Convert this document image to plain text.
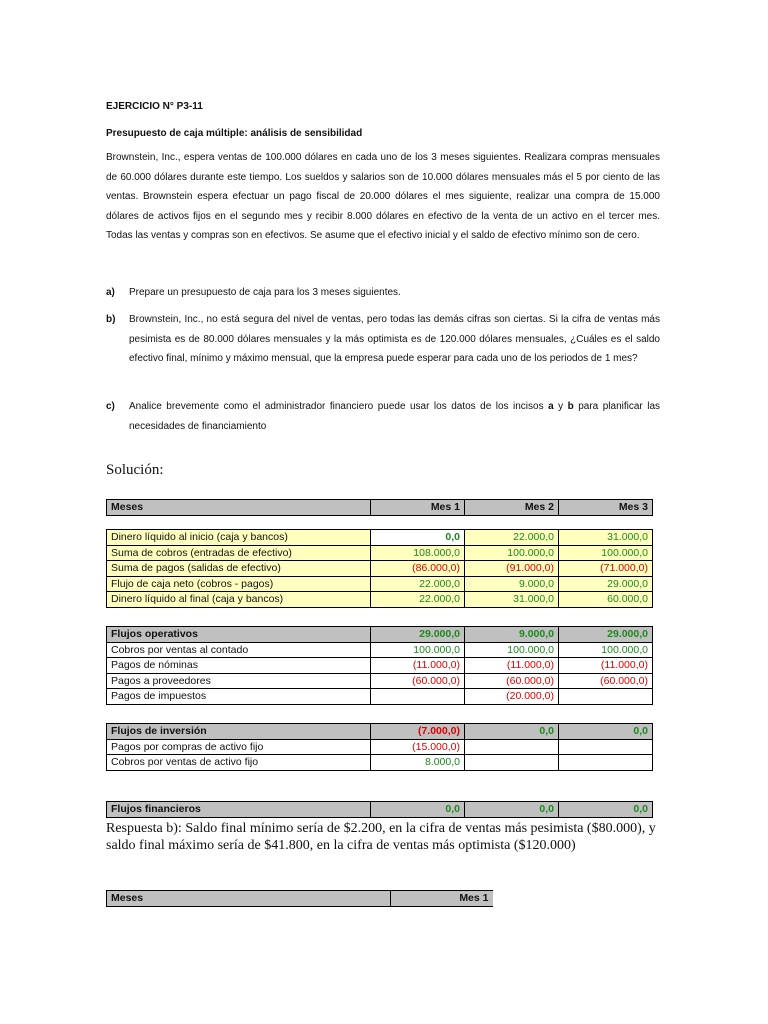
EJERCICIO N° P3-11
Presupuesto de caja múltiple: análisis de sensibilidad
Brownstein, Inc., espera ventas de 100.000 dólares en cada uno de los 3 meses siguientes. Realizara compras mensuales de 60.000 dólares durante este tiempo. Los sueldos y salarios son de 10.000 dólares mensuales más el 5 por ciento de las ventas. Brownstein espera efectuar un pago fiscal de 20.000 dólares el mes siguiente, realizar una compra de 15.000 dólares de activos fijos en el segundo mes y recibir 8.000 dólares en efectivo de la venta de un activo en el tercer mes. Todas las ventas y compras son en efectivos. Se asume que el efectivo inicial y el saldo de efectivo mínimo son de cero.
a) Prepare un presupuesto de caja para los 3 meses siguientes.
b) Brownstein, Inc., no está segura del nivel de ventas, pero todas las demás cifras son ciertas. Si la cifra de ventas más pesimista es de 80.000 dólares mensuales y la más optimista es de 120.000 dólares mensuales, ¿Cuáles es el saldo efectivo final, mínimo y máximo mensual, que la empresa puede esperar para cada uno de los periodos de 1 mes?
c) Analice brevemente como el administrador financiero puede usar los datos de los incisos a y b para planificar las necesidades de financiamiento
Solución:
Meses	Mes 1	Mes 2	Mes 3
Dinero líquido al inicio (caja y bancos)	0,0	22.000,0	31.000,0
Suma de cobros (entradas de efectivo)	108.000,0	100.000,0	100.000,0
Suma de pagos (salidas de efectivo)	(86.000,0)	(91.000,0)	(71.000,0)
Flujo de caja neto (cobros - pagos)	22.000,0	9.000,0	29.000,0
Dinero líquido al final (caja y bancos)	22.000,0	31.000,0	60.000,0
Flujos operativos	29.000,0	9.000,0	29.000,0
Cobros por ventas al contado	100.000,0	100.000,0	100.000,0
Pagos de nóminas	(11.000,0)	(11.000,0)	(11.000,0)
Pagos a proveedores	(60.000,0)	(60.000,0)	(60.000,0)
Pagos de impuestos		(20.000,0)	
Flujos de inversión	(7.000,0)	0,0	0,0
Pagos por compras de activo fijo	(15.000,0)		
Cobros por ventas de activo fijo	8.000,0		
Flujos financieros	0,0	0,0	0,0
Respuesta b): Saldo final mínimo sería de $2.200, en la cifra de ventas más pesimista ($80.000), y saldo final máximo sería de $41.800, en la cifra de ventas más optimista ($120.000)
Meses	Mes 1
